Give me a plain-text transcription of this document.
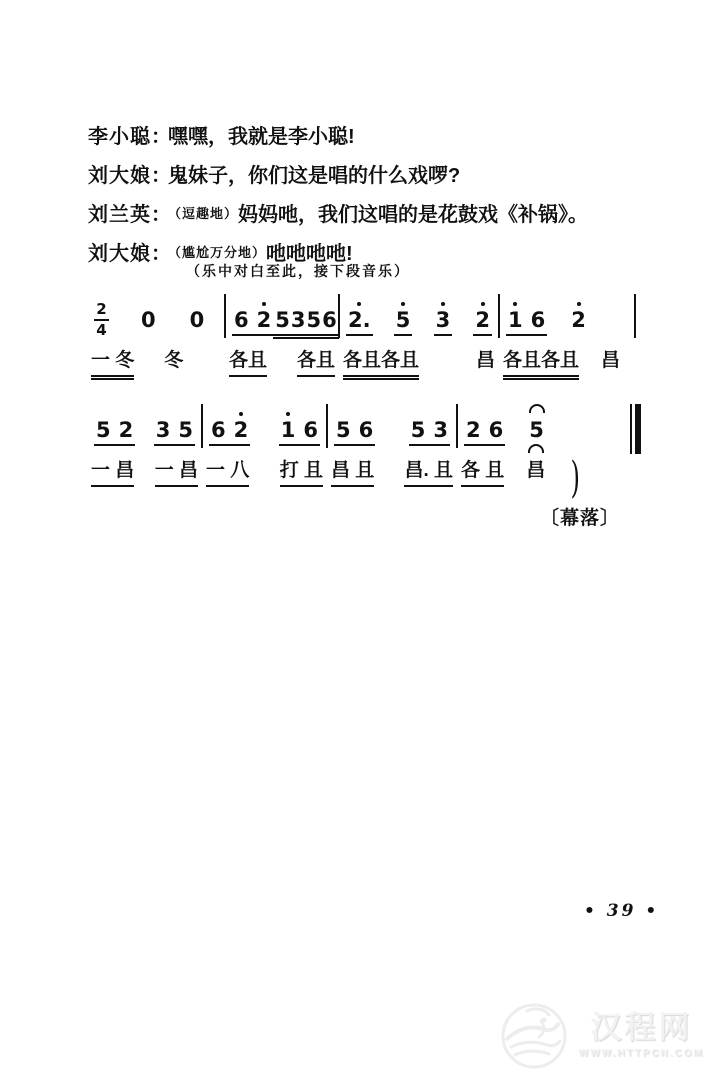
李小聪：
嘿嘿，我就是李小聪!
刘大娘：
鬼妹子，你们这是唱的什么戏啰?
刘兰英：
（逗趣地） 妈妈吔，我们这唱的是花鼓戏《补锅》。
刘大娘：
（尴尬万分地） 吔吔吔吔!
（乐中对白至此，接下段音乐）
2
4 0 0
一 冬 冬
6 2 5 3 5 6
各且 各且
2. 5 3 2
各且各且	昌
1 6 2
各且各且 昌
5 2 3 5
一 昌 一 昌
6 2 1 6
一 八 打 且
5 6 5 3
昌 且 昌. 且
2 6 5
各 且 昌 )
〔幕落〕
• 39 •
汉程网
WWW.HTTPCN.COM
